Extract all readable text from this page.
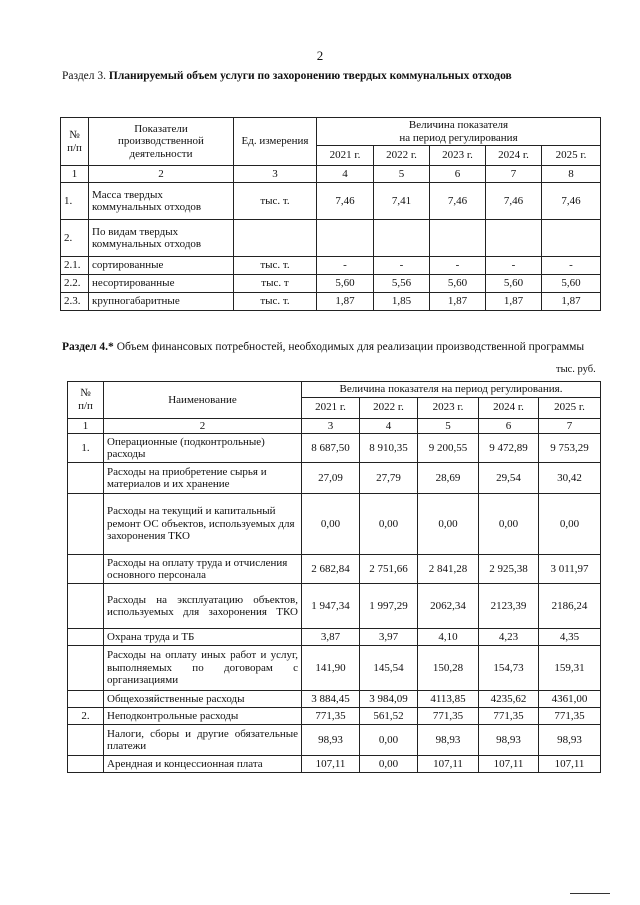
2
Раздел 3. Планируемый объем услуги по захоронению твердых коммунальных отходов
№
п/п	Показатели
производственной
деятельности	Ед. измерения	Величина показателя
на период регулирования				
			2021 г.	2022 г.	2023 г.	2024 г.	2025 г.
1	2	3	4	5	6	7	8
1.	Масса твердых коммунальных отходов	тыс. т.	7,46	7,41	7,46	7,46	7,46
2.	По видам твердых коммунальных отходов						
2.1.	сортированные	тыс. т.	-	-	-	-	-
2.2.	несортированные	тыс. т	5,60	5,56	5,60	5,60	5,60
2.3.	крупногабаритные	тыс. т.	1,87	1,85	1,87	1,87	1,87
Раздел 4.* Объем финансовых потребностей, необходимых для реализации производственной программы
тыс. руб.
№
п/п	Наименование	Величина показателя на период регулирования.				
		2021 г.	2022 г.	2023 г.	2024 г.	2025 г.
1	2	3	4	5	6	7
1.	Операционные (подконтрольные) расходы	8 687,50	8 910,35	9 200,55	9 472,89	9 753,29
	Расходы на приобретение сырья и материалов и их хранение	27,09	27,79	28,69	29,54	30,42
	Расходы на текущий и капитальный ремонт ОС объектов, используемых для захоронения ТКО	0,00	0,00	0,00	0,00	0,00
	Расходы на оплату труда и отчисления основного персонала	2 682,84	2 751,66	2 841,28	2 925,38	3 011,97
	Расходы на эксплуатацию объектов, используемых для захоронения ТКО	1 947,34	1 997,29	2062,34	2123,39	2186,24
	Охрана труда и ТБ	3,87	3,97	4,10	4,23	4,35
	Расходы на оплату иных работ и услуг, выполняемых по договорам с организациями	141,90	145,54	150,28	154,73	159,31
	Общехозяйственные расходы	3 884,45	3 984,09	4113,85	4235,62	4361,00
2.	Неподконтрольные расходы	771,35	561,52	771,35	771,35	771,35
	Налоги, сборы и другие обязательные платежи	98,93	0,00	98,93	98,93	98,93
	Арендная и концессионная плата	107,11	0,00	107,11	107,11	107,11
